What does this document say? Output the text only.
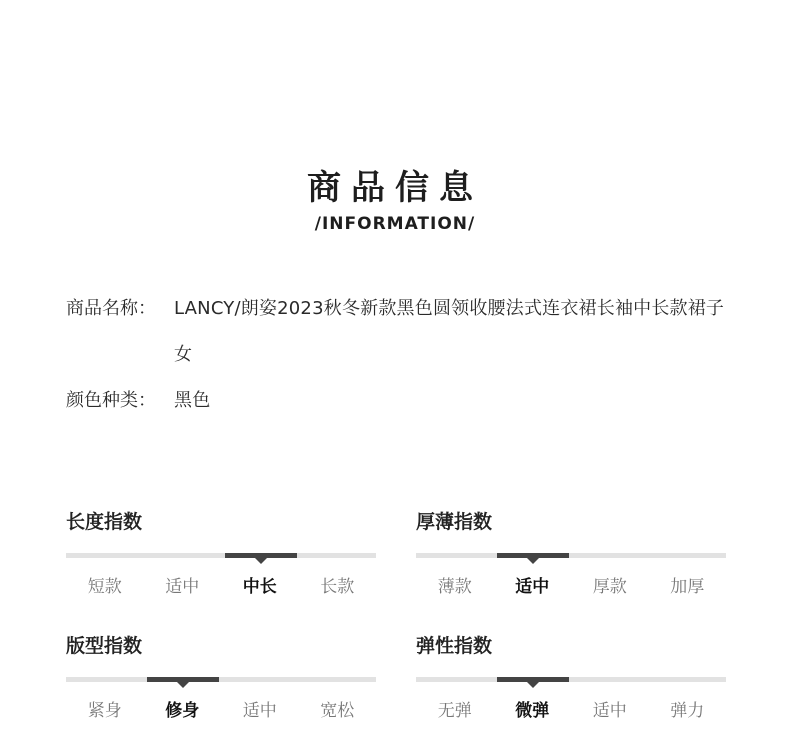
商品信息
/INFORMATION/
商品名称： LANCY/朗姿2023秋冬新款黑色圆领收腰法式连衣裙长袖中长款裙子女
颜色种类： 黑色
长度指数
短款	适中	中长	长款
厚薄指数
薄款	适中	厚款	加厚
版型指数
紧身	修身	适中	宽松
弹性指数
无弹	微弹	适中	弹力
